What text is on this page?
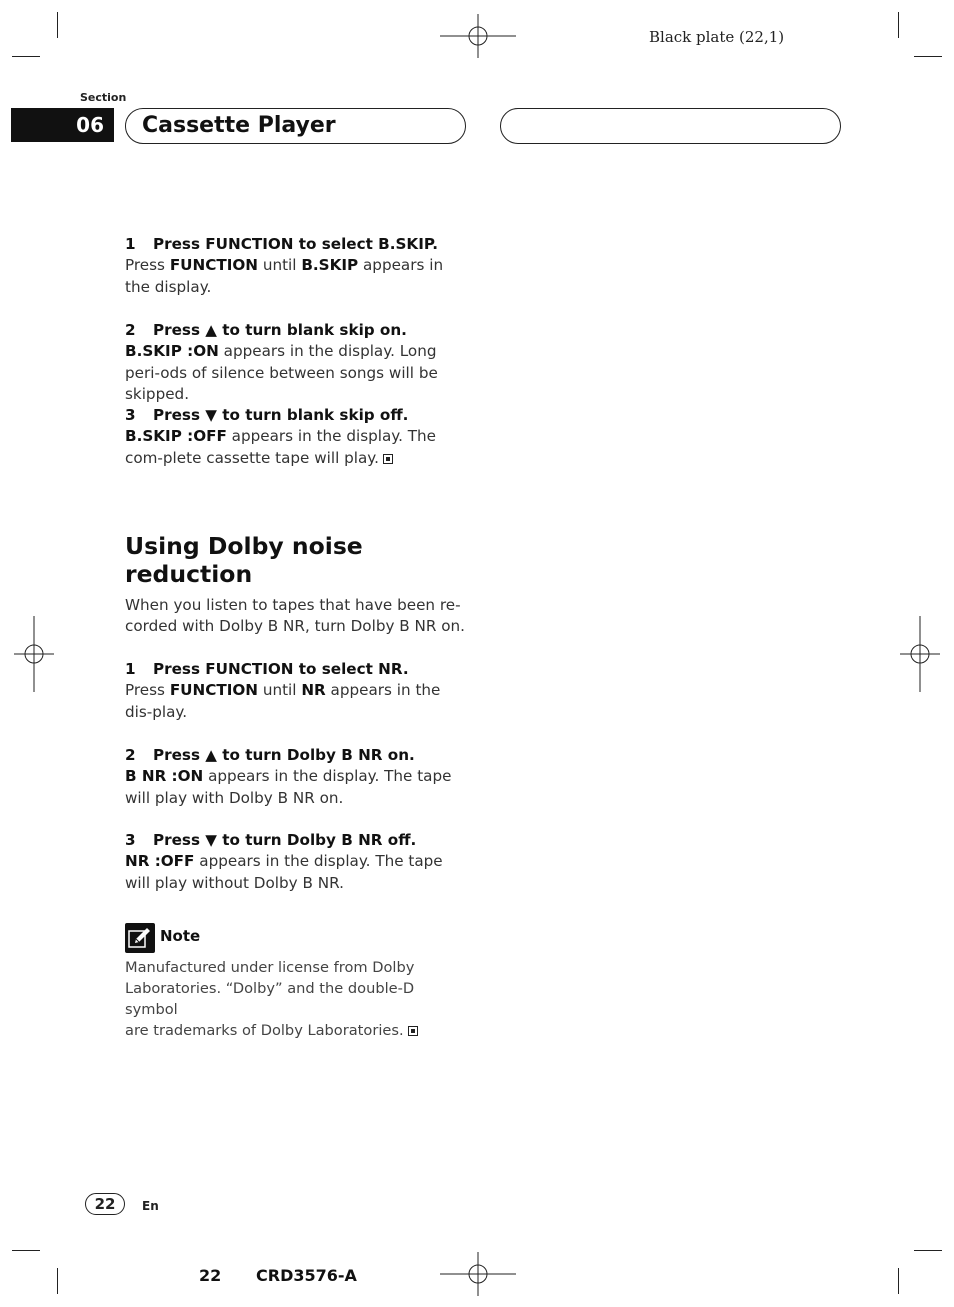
Black plate (22,1)
Section
06	Cassette Player
1 Press FUNCTION to select B.SKIP.
Press FUNCTION until B.SKIP appears in the display.
2 Press ▲ to turn blank skip on.
B.SKIP :ON appears in the display. Long peri-ods of silence between songs will be skipped.
3 Press ▼ to turn blank skip off.
B.SKIP :OFF appears in the display. The com-plete cassette tape will play.
Using Dolby noise
reduction
When you listen to tapes that have been re-corded with Dolby B NR, turn Dolby B NR on.
1 Press FUNCTION to select NR.
Press FUNCTION until NR appears in the dis-play.
2 Press ▲ to turn Dolby B NR on.
B NR :ON appears in the display. The tape will play with Dolby B NR on.
3 Press ▼ to turn Dolby B NR off.
NR :OFF appears in the display. The tape will play without Dolby B NR.
Note
Manufactured under license from Dolby
Laboratories. “Dolby” and the double-D symbol
are trademarks of Dolby Laboratories.
22	En
22 CRD3576-A
